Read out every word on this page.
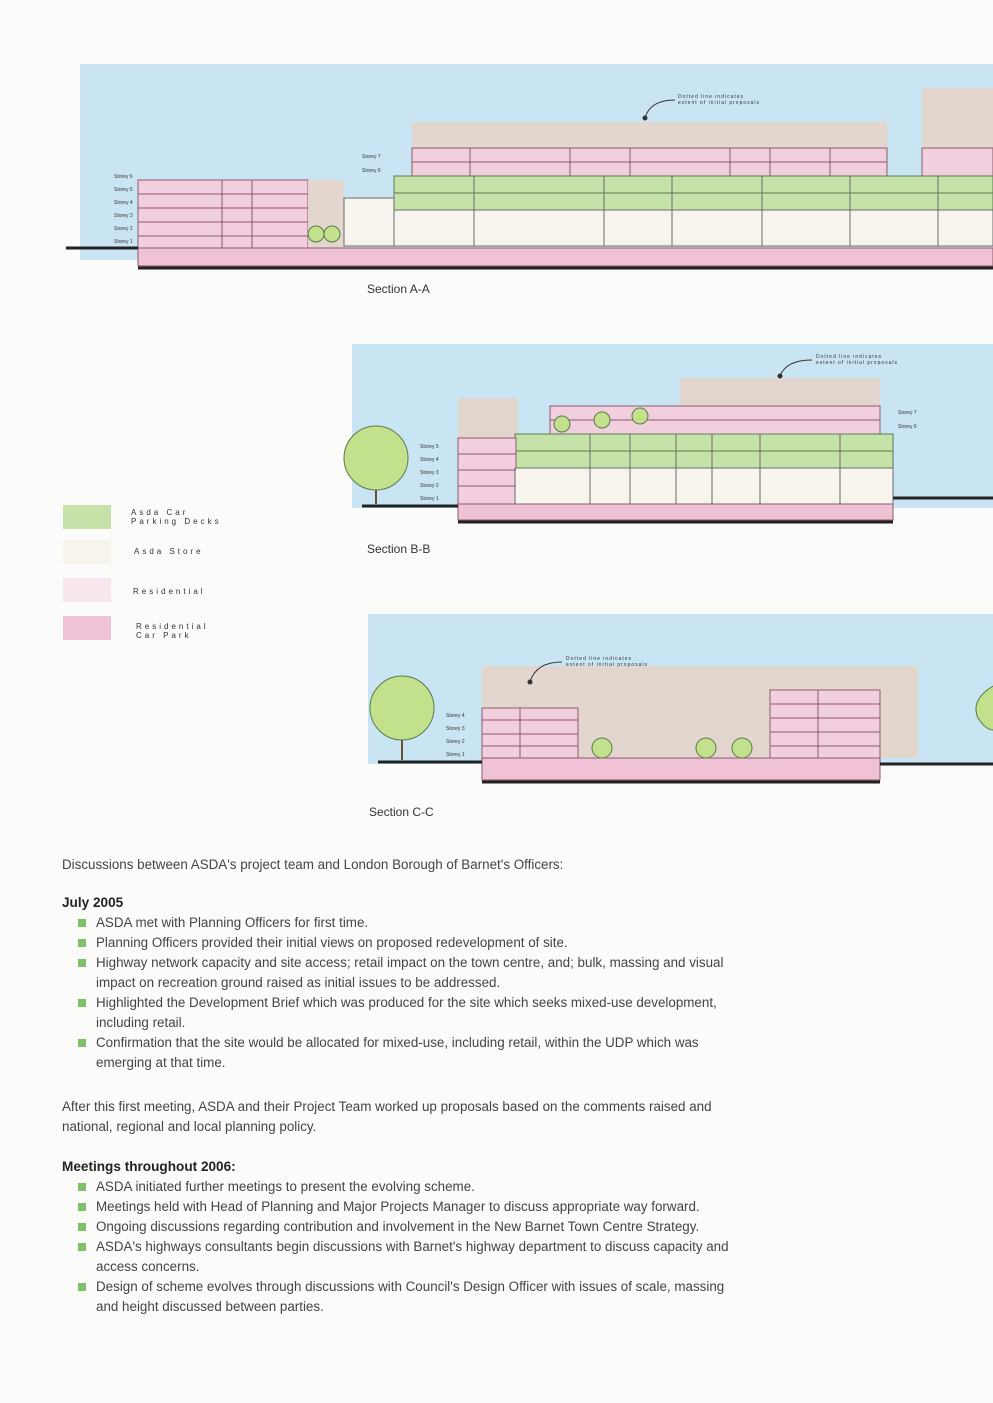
Dotted line indicates
extent of initial proposals
Storey 6
Storey 5
Storey 4
Storey 3
Storey 2
Storey 1
Storey 7
Storey 6
Section A-A
Dotted line indicates
extent of initial proposals
Storey 5
Storey 4
Storey 3
Storey 2
Storey 1
Storey 7
Storey 6
Section B-B
Asda Car
Parking Decks
Asda Store
Residential
Residential
Car Park
Dotted line indicates
extent of initial proposals
Storey 4
Storey 3
Storey 2
Storey 1
Section C-C
Discussions between ASDA's project team and London Borough of Barnet's Officers:
July 2005
ASDA met with Planning Officers for first time.
Planning Officers provided their initial views on proposed redevelopment of site.
Highway network capacity and site access; retail impact on the town centre, and; bulk, massing and visual impact on recreation ground raised as initial issues to be addressed.
Highlighted the Development Brief which was produced for the site which seeks mixed-use development, including retail.
Confirmation that the site would be allocated for mixed-use, including retail, within the UDP which was emerging at that time.
After this first meeting, ASDA and their Project Team worked up proposals based on the comments raised and national, regional and local planning policy.
Meetings throughout 2006:
ASDA initiated further meetings to present the evolving scheme.
Meetings held with Head of Planning and Major Projects Manager to discuss appropriate way forward.
Ongoing discussions regarding contribution and involvement in the New Barnet Town Centre Strategy.
ASDA's highways consultants begin discussions with Barnet's highway department to discuss capacity and access concerns.
Design of scheme evolves through discussions with Council's Design Officer with issues of scale, massing and height discussed between parties.
